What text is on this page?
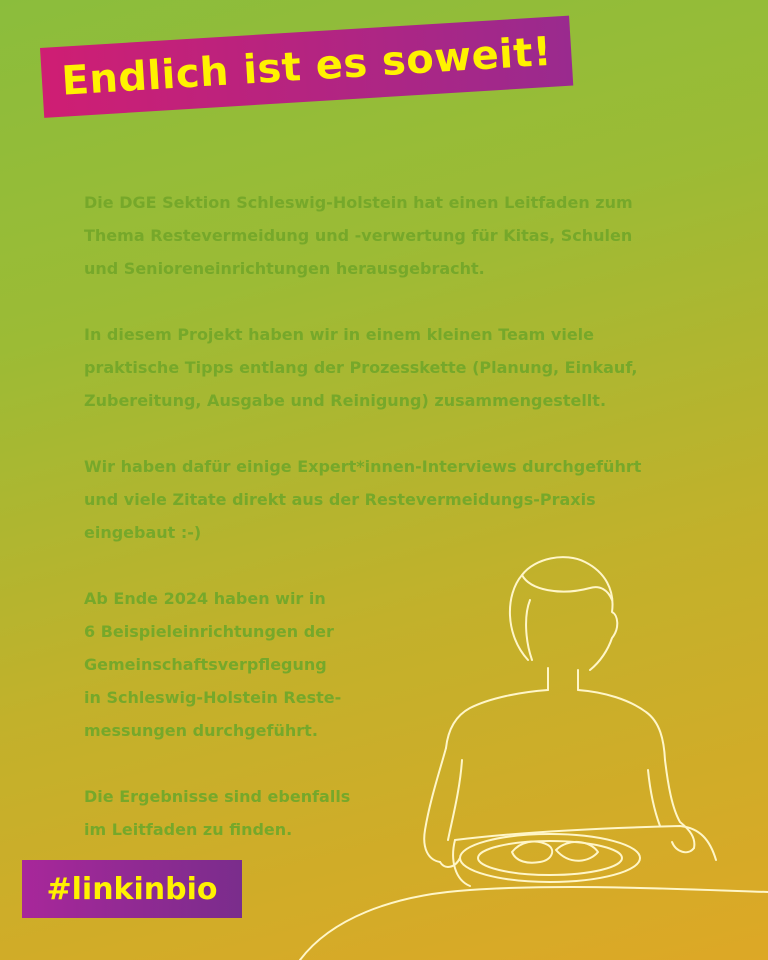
Endlich ist es soweit!

Die DGE Sektion Schleswig-Holstein hat einen Leitfaden zum
Thema Restevermeidung und -verwertung für Kitas, Schulen
und Senioreneinrichtungen herausgebracht.

In diesem Projekt haben wir in einem kleinen Team viele
praktische Tipps entlang der Prozesskette (Planung, Einkauf,
Zubereitung, Ausgabe und Reinigung) zusammengestellt.

Wir haben dafür einige Expert*innen-Interviews durchgeführt
und viele Zitate direkt aus der Restevermeidungs-Praxis
eingebaut :-)

Ab Ende 2024 haben wir in
6 Beispieleinrichtungen der
Gemeinschaftsverpflegung
in Schleswig-Holstein Reste-
messungen durchgeführt.

Die Ergebnisse sind ebenfalls
im Leitfaden zu finden.

#linkinbio
